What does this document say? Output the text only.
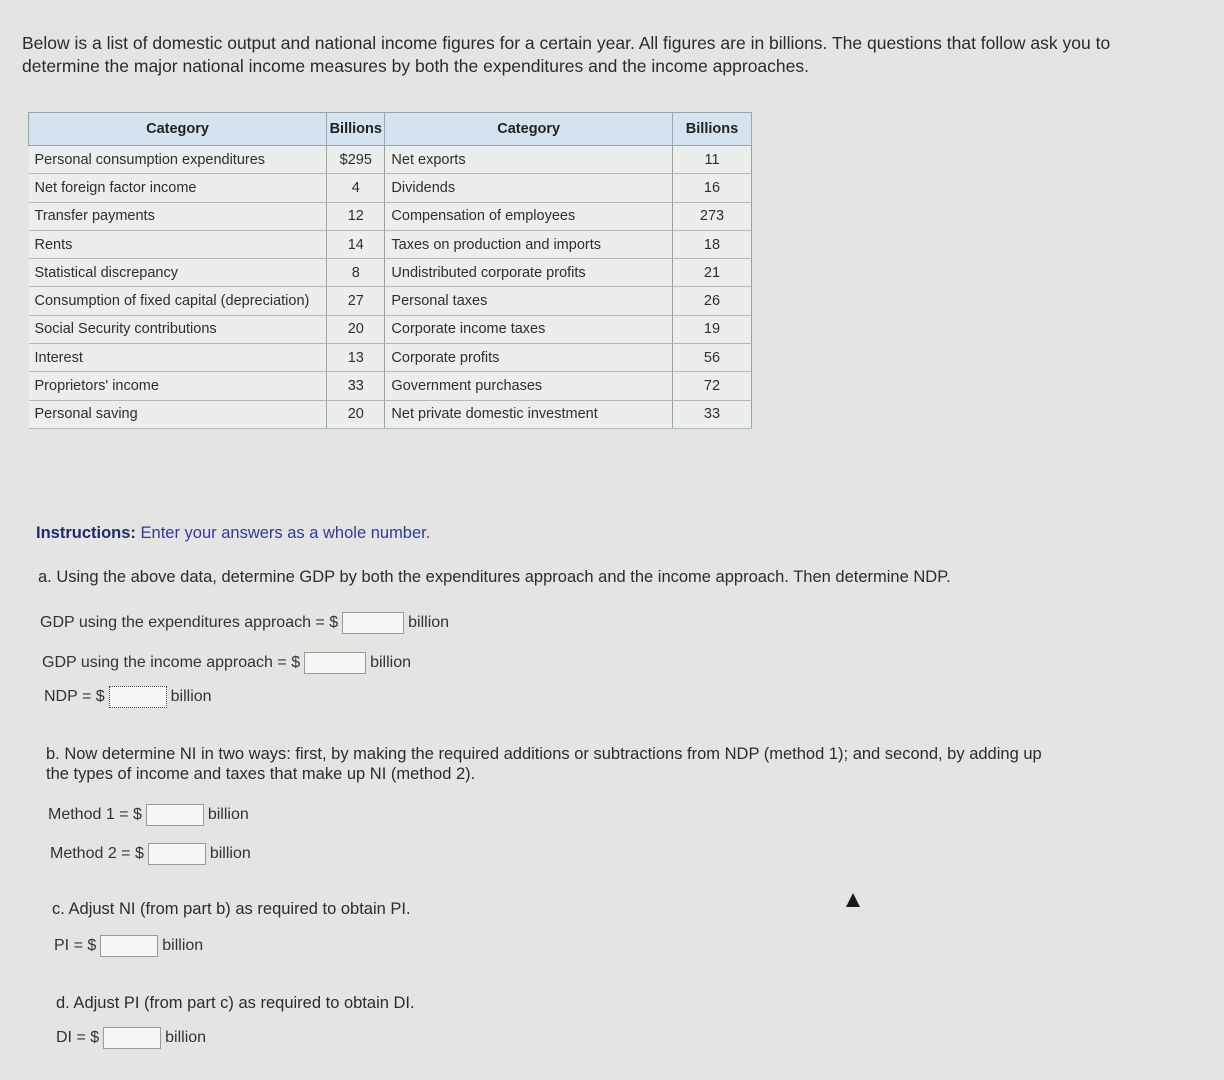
Below is a list of domestic output and national income figures for a certain year. All figures are in billions. The questions that follow ask you to determine the major national income measures by both the expenditures and the income approaches.
Category	Billions	Category	Billions
Personal consumption expenditures	$295	Net exports	11
Net foreign factor income	4	Dividends	16
Transfer payments	12	Compensation of employees	273
Rents	14	Taxes on production and imports	18
Statistical discrepancy	8	Undistributed corporate profits	21
Consumption of fixed capital (depreciation)	27	Personal taxes	26
Social Security contributions	20	Corporate income taxes	19
Interest	13	Corporate profits	56
Proprietors' income	33	Government purchases	72
Personal saving	20	Net private domestic investment	33
Instructions: Enter your answers as a whole number.
a. Using the above data, determine GDP by both the expenditures approach and the income approach. Then determine NDP.
GDP using the expenditures approach = $	billion
GDP using the income approach = $	billion
NDP = $	billion
b. Now determine NI in two ways: first, by making the required additions or subtractions from NDP (method 1); and second, by adding up the types of income and taxes that make up NI (method 2).
Method 1 = $	billion
Method 2 = $	billion
c. Adjust NI (from part b) as required to obtain PI.
PI = $	billion
d. Adjust PI (from part c) as required to obtain DI.
DI = $	billion
